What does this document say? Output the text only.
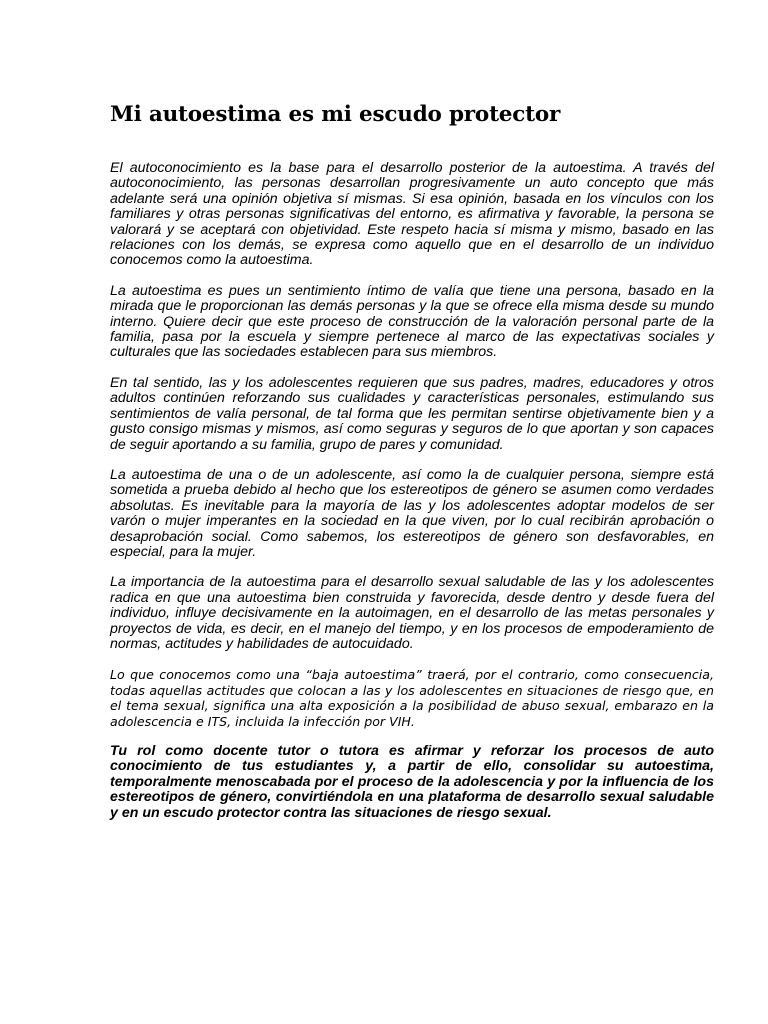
Mi autoestima es mi escudo protector

El autoconocimiento es la base para el desarrollo posterior de la autoestima. A través del autoconocimiento, las personas desarrollan progresivamente un auto concepto que más adelante será una opinión objetiva sí mismas. Si esa opinión, basada en los vínculos con los familiares y otras personas significativas del entorno, es afirmativa y favorable, la persona se valorará y se aceptará con objetividad. Este respeto hacia sí misma y mismo, basado en las relaciones con los demás, se expresa como aquello que en el desarrollo de un individuo conocemos como la autoestima.

La autoestima es pues un sentimiento íntimo de valía que tiene una persona, basado en la mirada que le proporcionan las demás personas y la que se ofrece ella misma desde su mundo interno. Quiere decir que este proceso de construcción de la valoración personal parte de la familia, pasa por la escuela y siempre pertenece al marco de las expectativas sociales y culturales que las sociedades establecen para sus miembros.

En tal sentido, las y los adolescentes requieren que sus padres, madres, educadores y otros adultos continúen reforzando sus cualidades y características personales, estimulando sus sentimientos de valía personal, de tal forma que les permitan sentirse objetivamente bien y a gusto consigo mismas y mismos, así como seguras y seguros de lo que aportan y son capaces de seguir aportando a su familia, grupo de pares y comunidad.

La autoestima de una o de un adolescente, así como la de cualquier persona, siempre está sometida a prueba debido al hecho que los estereotipos de género se asumen como verdades absolutas. Es inevitable para la mayoría de las y los adolescentes adoptar modelos de ser varón o mujer imperantes en la sociedad en la que viven, por lo cual recibirán aprobación o desaprobación social. Como sabemos, los estereotipos de género son desfavorables, en especial, para la mujer.

La importancia de la autoestima para el desarrollo sexual saludable de las y los adolescentes radica en que una autoestima bien construida y favorecida, desde dentro y desde fuera del individuo, influye decisivamente en la autoimagen, en el desarrollo de las metas personales y proyectos de vida, es decir, en el manejo del tiempo, y en los procesos de empoderamiento de normas, actitudes y habilidades de autocuidado.

Lo que conocemos como una “baja autoestima” traerá, por el contrario, como consecuencia, todas aquellas actitudes que colocan a las y los adolescentes en situaciones de riesgo que, en el tema sexual, significa una alta exposición a la posibilidad de abuso sexual, embarazo en la adolescencia e ITS, incluida la infección por VIH.

Tu rol como docente tutor o tutora es afirmar y reforzar los procesos de auto conocimiento de tus estudiantes y, a partir de ello, consolidar su autoestima, temporalmente menoscabada por el proceso de la adolescencia y por la influencia de los estereotipos de género, convirtiéndola en una plataforma de desarrollo sexual saludable y en un escudo protector contra las situaciones de riesgo sexual.
